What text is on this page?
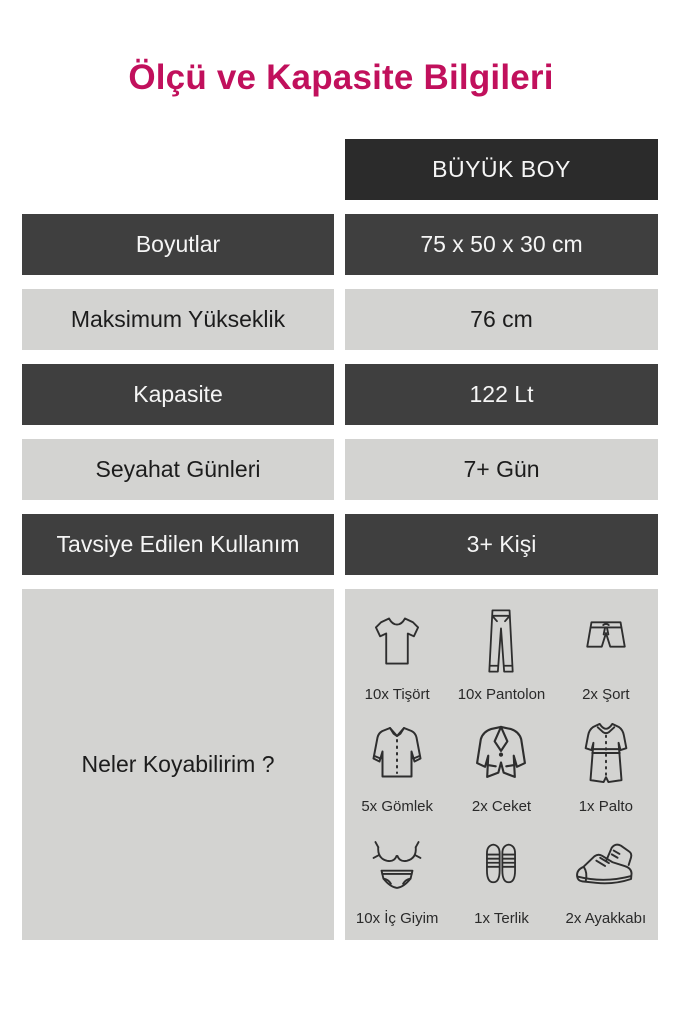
Ölçü ve Kapasite Bilgileri
BÜYÜK BOY
Boyutlar	75 x 50 x 30 cm
Maksimum Yükseklik	76 cm
Kapasite	122 Lt
Seyahat Günleri	7+ Gün
Tavsiye Edilen Kullanım	3+ Kişi
Neler Koyabilirim ?
10x Tişört 10x Pantolon 2x Şort
5x Gömlek	2x Ceket	1x Palto
10x İç Giyim 1x Terlik 2x Ayakkabı
